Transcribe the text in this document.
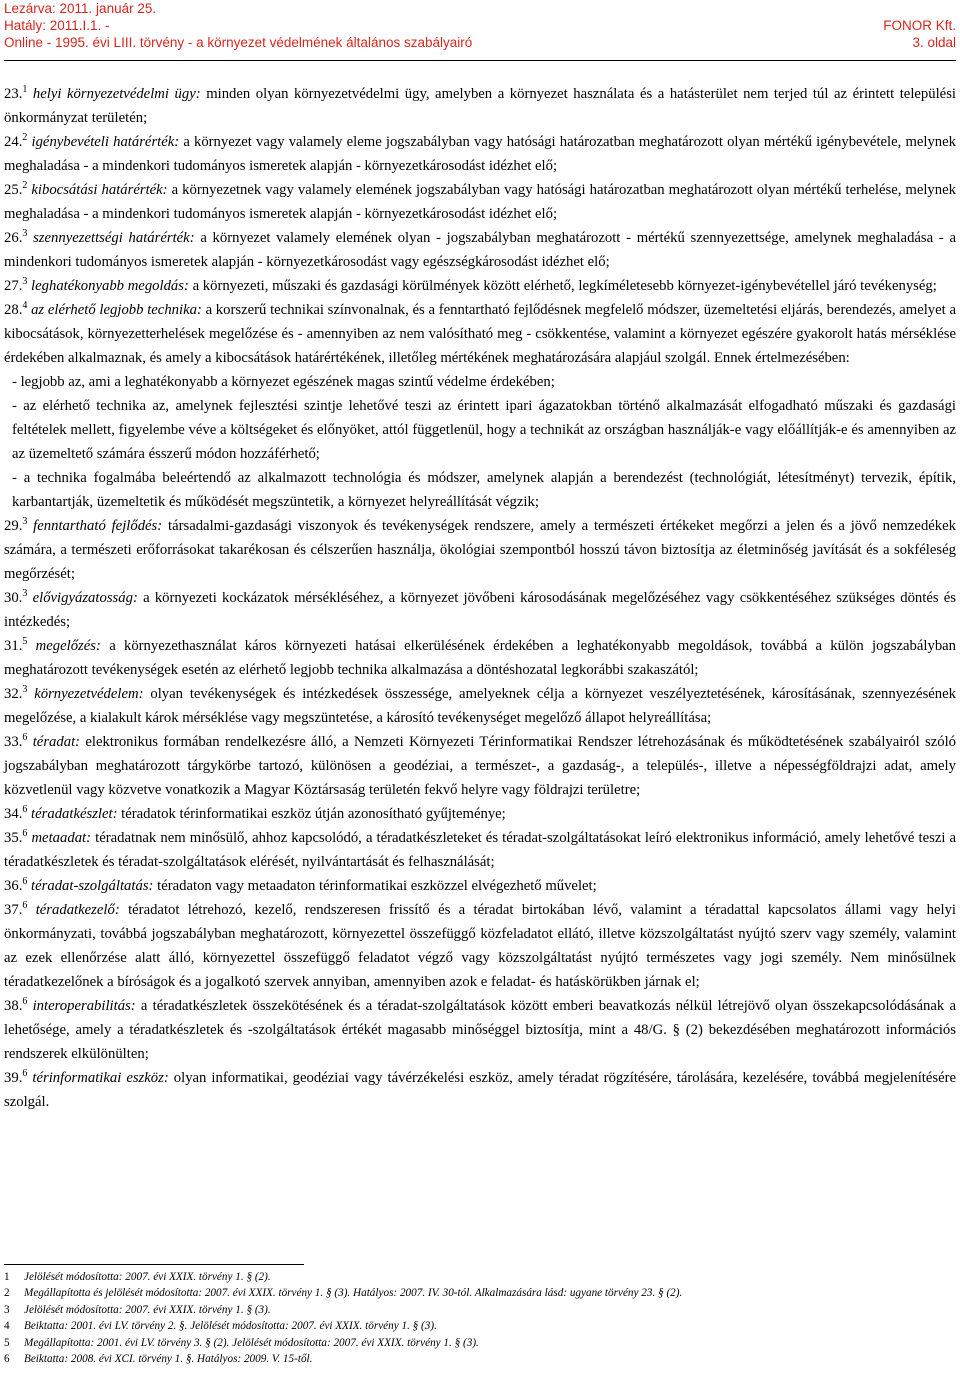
Lezárva: 2011. január 25.
Hatály: 2011.I.1. -	FONOR Kft.
Online - 1995. évi LIII. törvény - a környezet védelmének általános szabályairó	3. oldal

23.$^1$ helyi környezetvédelmi ügy: minden olyan környezetvédelmi ügy, amelyben a környezet használata és a hatásterület nem terjed túl az érintett települési önkormányzat területén;

24.$^2$ igénybevételi határérték: a környezet vagy valamely eleme jogszabályban vagy hatósági határozatban meghatározott olyan mértékű igénybevétele, melynek meghaladása - a mindenkori tudományos ismeretek alapján - környezetkárosodást idézhet elő;

25.$^2$ kibocsátási határérték: a környezetnek vagy valamely elemének jogszabályban vagy hatósági határozatban meghatározott olyan mértékű terhelése, melynek meghaladása - a mindenkori tudományos ismeretek alapján - környezetkárosodást idézhet elő;

26.$^3$ szennyezettségi határérték: a környezet valamely elemének olyan - jogszabályban meghatározott - mértékű szennyezettsége, amelynek meghaladása - a mindenkori tudományos ismeretek alapján - környezetkárosodást vagy egészségkárosodást idézhet elő;

27.$^3$ leghatékonyabb megoldás: a környezeti, műszaki és gazdasági körülmények között elérhető, legkíméletesebb környezet-igénybevétellel járó tevékenység;

28.$^4$ az elérhető legjobb technika: a korszerű technikai színvonalnak, és a fenntartható fejlődésnek megfelelő módszer, üzemeltetési eljárás, berendezés, amelyet a kibocsátások, környezetterhelések megelőzése és - amennyiben az nem valósítható meg - csökkentése, valamint a környezet egészére gyakorolt hatás mérséklése érdekében alkalmaznak, és amely a kibocsátások határértékének, illetőleg mértékének meghatározására alapjául szolgál. Ennek értelmezésében:

- legjobb az, ami a leghatékonyabb a környezet egészének magas szintű védelme érdekében;

- az elérhető technika az, amelynek fejlesztési szintje lehetővé teszi az érintett ipari ágazatokban történő alkalmazását elfogadható műszaki és gazdasági feltételek mellett, figyelembe véve a költségeket és előnyöket, attól függetlenül, hogy a technikát az országban használják-e vagy előállítják-e és amennyiben az az üzemeltető számára ésszerű módon hozzáférhető;

- a technika fogalmába beleértendő az alkalmazott technológia és módszer, amelynek alapján a berendezést (technológiát, létesítményt) tervezik, építik, karbantartják, üzemeltetik és működését megszüntetik, a környezet helyreállítását végzik;

29.$^3$ fenntartható fejlődés: társadalmi-gazdasági viszonyok és tevékenységek rendszere, amely a természeti értékeket megőrzi a jelen és a jövő nemzedékek számára, a természeti erőforrásokat takarékosan és célszerűen használja, ökológiai szempontból hosszú távon biztosítja az életminőség javítását és a sokféleség megőrzését;

30.$^3$ elővigyázatosság: a környezeti kockázatok mérsékléséhez, a környezet jövőbeni károsodásának megelőzéséhez vagy csökkentéséhez szükséges döntés és intézkedés;

31.$^5$ megelőzés: a környezethasználat káros környezeti hatásai elkerülésének érdekében a leghatékonyabb megoldások, továbbá a külön jogszabályban meghatározott tevékenységek esetén az elérhető legjobb technika alkalmazása a döntéshozatal legkorábbi szakaszától;

32.$^3$ környezetvédelem: olyan tevékenységek és intézkedések összessége, amelyeknek célja a környezet veszélyeztetésének, károsításának, szennyezésének megelőzése, a kialakult károk mérséklése vagy megszüntetése, a károsító tevékenységet megelőző állapot helyreállítása;

33.$^6$ téradat: elektronikus formában rendelkezésre álló, a Nemzeti Környezeti Térinformatikai Rendszer létrehozásának és működtetésének szabályairól szóló jogszabályban meghatározott tárgykörbe tartozó, különösen a geodéziai, a természet-, a gazdaság-, a település-, illetve a népességföldrajzi adat, amely közvetlenül vagy közvetve vonatkozik a Magyar Köztársaság területén fekvő helyre vagy földrajzi területre;

34.$^6$ téradatkészlet: téradatok térinformatikai eszköz útján azonosítható gyűjteménye;

35.$^6$ metaadat: téradatnak nem minősülő, ahhoz kapcsolódó, a téradatkészleteket és téradat-szolgáltatásokat leíró elektronikus információ, amely lehetővé teszi a téradatkészletek és téradat-szolgáltatások elérését, nyilvántartását és felhasználását;

36.$^6$ téradat-szolgáltatás: téradaton vagy metaadaton térinformatikai eszközzel elvégezhető művelet;

37.$^6$ téradatkezelő: téradatot létrehozó, kezelő, rendszeresen frissítő és a téradat birtokában lévő, valamint a téradattal kapcsolatos állami vagy helyi önkormányzati, továbbá jogszabályban meghatározott, környezettel összefüggő közfeladatot ellátó, illetve közszolgáltatást nyújtó szerv vagy személy, valamint az ezek ellenőrzése alatt álló, környezettel összefüggő feladatot végző vagy közszolgáltatást nyújtó természetes vagy jogi személy. Nem minősülnek téradatkezelőnek a bíróságok és a jogalkotó szervek annyiban, amennyiben azok e feladat- és hatáskörükben járnak el;

38.$^6$ interoperabilitás: a téradatkészletek összekötésének és a téradat-szolgáltatások között emberi beavatkozás nélkül létrejövő olyan összekapcsolódásának a lehetősége, amely a téradatkészletek és -szolgáltatások értékét magasabb minőséggel biztosítja, mint a 48/G. § (2) bekezdésében meghatározott információs rendszerek elkülönülten;

39.$^6$ térinformatikai eszköz: olyan informatikai, geodéziai vagy távérzékelési eszköz, amely téradat rögzítésére, tárolására, kezelésére, továbbá megjelenítésére szolgál.

1	Jelölését módosította: 2007. évi XXIX. törvény 1. § (2).
2	Megállapította és jelölését módosította: 2007. évi XXIX. törvény 1. § (3). Hatályos: 2007. IV. 30-tól. Alkalmazására lásd: ugyane törvény 23. § (2).
3	Jelölését módosította: 2007. évi XXIX. törvény 1. § (3).
4	Beiktatta: 2001. évi LV. törvény 2. §. Jelölését módosította: 2007. évi XXIX. törvény 1. § (3).
5	Megállapította: 2001. évi LV. törvény 3. § (2). Jelölését módosította: 2007. évi XXIX. törvény 1. § (3).
6	Beiktatta: 2008. évi XCI. törvény 1. §. Hatályos: 2009. V. 15-től.
